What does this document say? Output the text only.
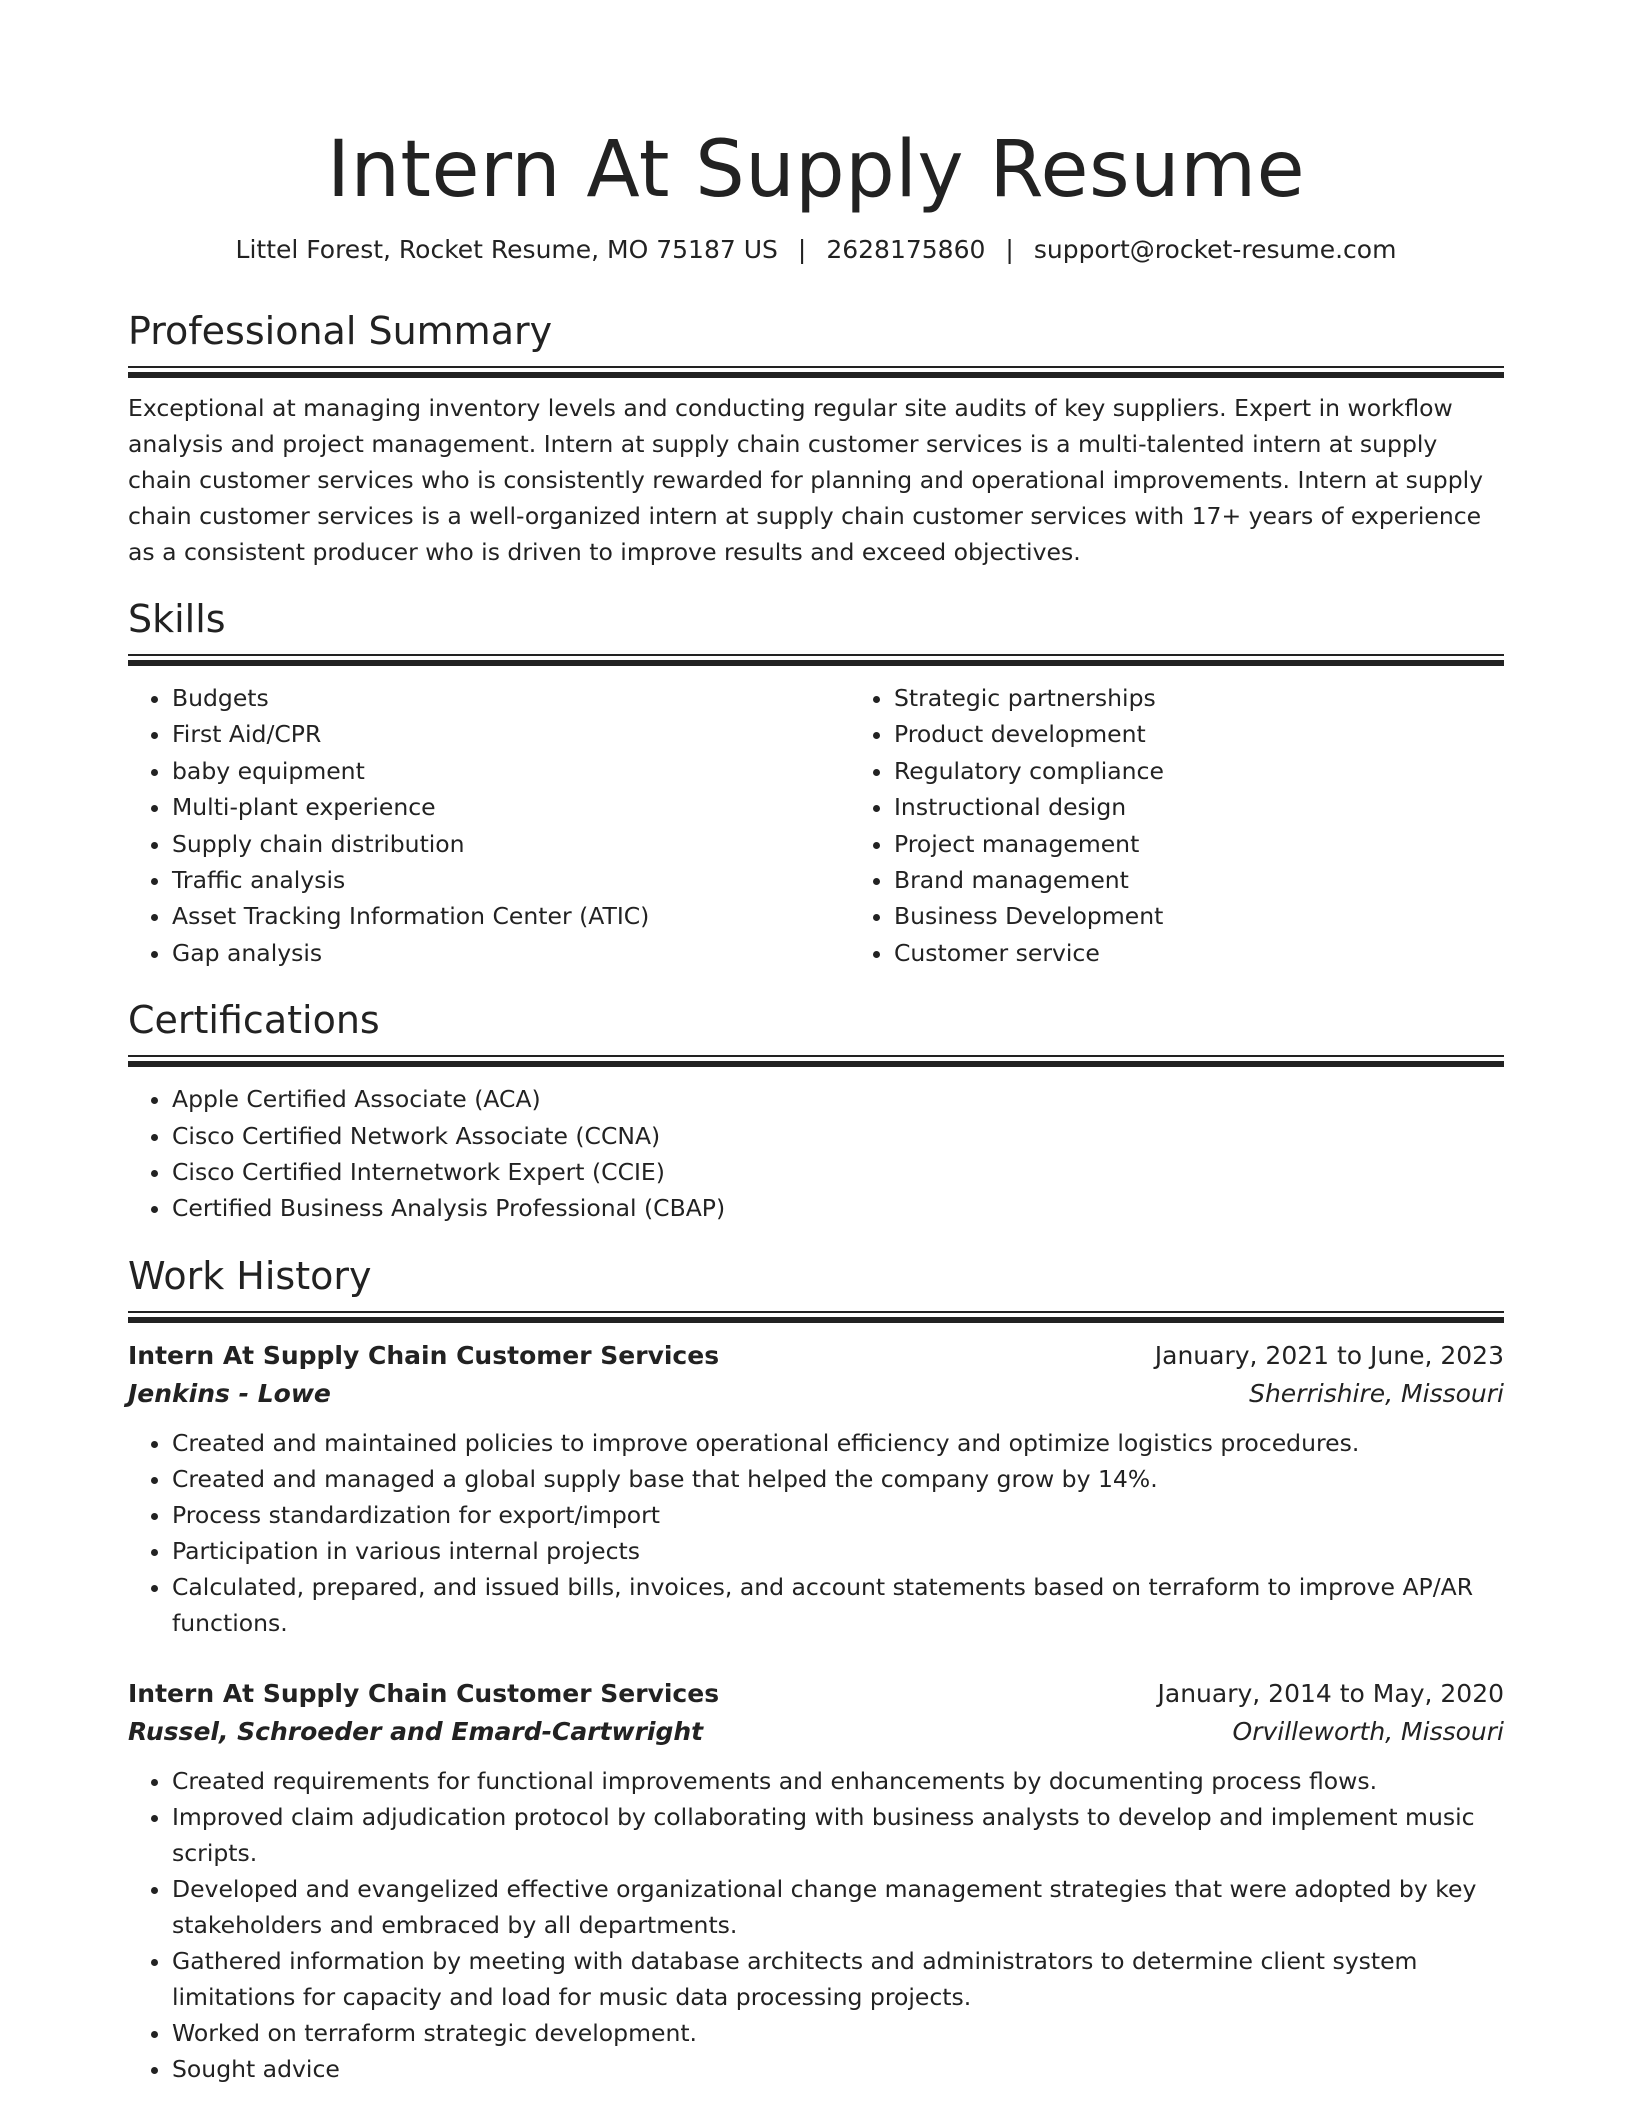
Intern At Supply Resume
Littel Forest, Rocket Resume, MO 75187 US | 2628175860 | support@rocket-resume.com
Professional Summary

Exceptional at managing inventory levels and conducting regular site audits of key suppliers. Expert in workflow analysis and project management. Intern at supply chain customer services is a multi-talented intern at supply chain customer services who is consistently rewarded for planning and operational improvements. Intern at supply chain customer services is a well-organized intern at supply chain customer services with 17+ years of experience as a consistent producer who is driven to improve results and exceed objectives.

Skills
• Budgets
• First Aid/CPR
• baby equipment
• Multi-plant experience
• Supply chain distribution
• Traffic analysis
• Asset Tracking Information Center (ATIC)
• Gap analysis
• Strategic partnerships
• Product development
• Regulatory compliance
• Instructional design
• Project management
• Brand management
• Business Development
• Customer service
Certifications
• Apple Certified Associate (ACA)
• Cisco Certified Network Associate (CCNA)
• Cisco Certified Internetwork Expert (CCIE)
• Certified Business Analysis Professional (CBAP)
Work History
Intern At Supply Chain Customer Services	January, 2021 to June, 2023
Jenkins - Lowe	Sherrishire, Missouri
• Created and maintained policies to improve operational efficiency and optimize logistics procedures.
• Created and managed a global supply base that helped the company grow by 14%.
• Process standardization for export/import
• Participation in various internal projects
• Calculated, prepared, and issued bills, invoices, and account statements based on terraform to improve AP/AR functions.
Intern At Supply Chain Customer Services	January, 2014 to May, 2020
Russel, Schroeder and Emard-Cartwright	Orvilleworth, Missouri
• Created requirements for functional improvements and enhancements by documenting process flows.
• Improved claim adjudication protocol by collaborating with business analysts to develop and implement music scripts.
• Developed and evangelized effective organizational change management strategies that were adopted by key stakeholders and embraced by all departments.
• Gathered information by meeting with database architects and administrators to determine client system limitations for capacity and load for music data processing projects.
• Worked on terraform strategic development.
• Sought advice
